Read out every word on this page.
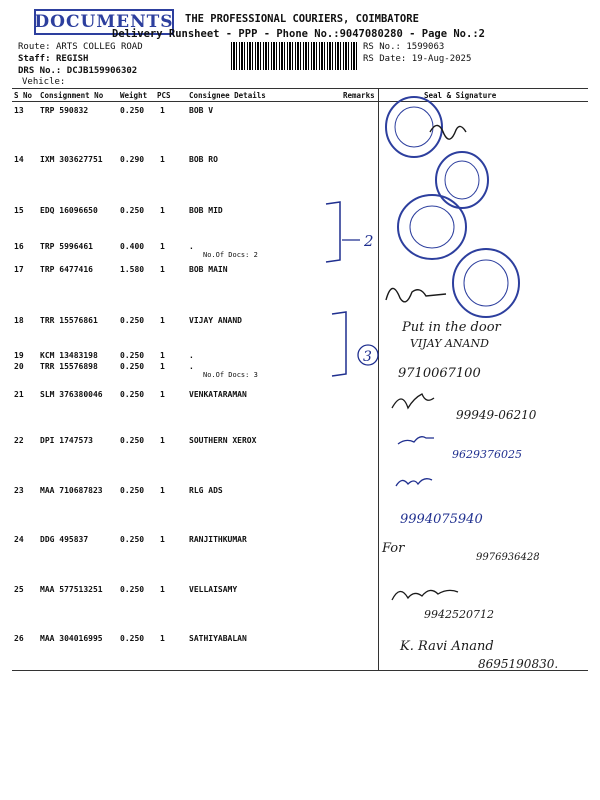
DOCUMENTS THE PROFESSIONAL COURIERS, COIMBATORE
Delivery Runsheet - PPP - Phone No.:9047080280 - Page No.:2
Route: ARTS COLLEG ROAD
Staff: REGISH
DRS No.: DCJB159906302
Vehicle:
RS No.: 1599063
RS Date: 19-Aug-2025
S No Consignment No Weight PCS Consignee Details	Remarks	Seal & Signature
13 TRP 590832	0.250 1	BOB V
14 IXM 303627751 0.290 1	BOB RO
15 EDQ 16096650	0.250 1	BOB MID
16 TRP 5996461	0.400 1	.
17 TRP 6477416	1.580 1	BOB MAIN
18 TRR 15576861	0.250 1	VIJAY ANAND
19 KCM 13483198	0.250 1	.
20 TRR 15576898	0.250 1	.
21 SLM 376380046 0.250 1	VENKATARAMAN
22 DPI 1747573	0.250 1	SOUTHERN XEROX
23 MAA 710687823 0.250 1	RLG ADS
24 DDG 495837	0.250 1	RANJITHKUMAR
25 MAA 577513251 0.250 1	VELLAISAMY
26 MAA 304016995 0.250 1	SATHIYABALAN
No.Of Docs: 2
No.Of Docs: 3
2
3
Put in the door
VIJAY ANAND
9710067100
99949-06210
9629376025
9994075940
For
9976936428
9942520712
K. Ravi Anand
8695190830.
